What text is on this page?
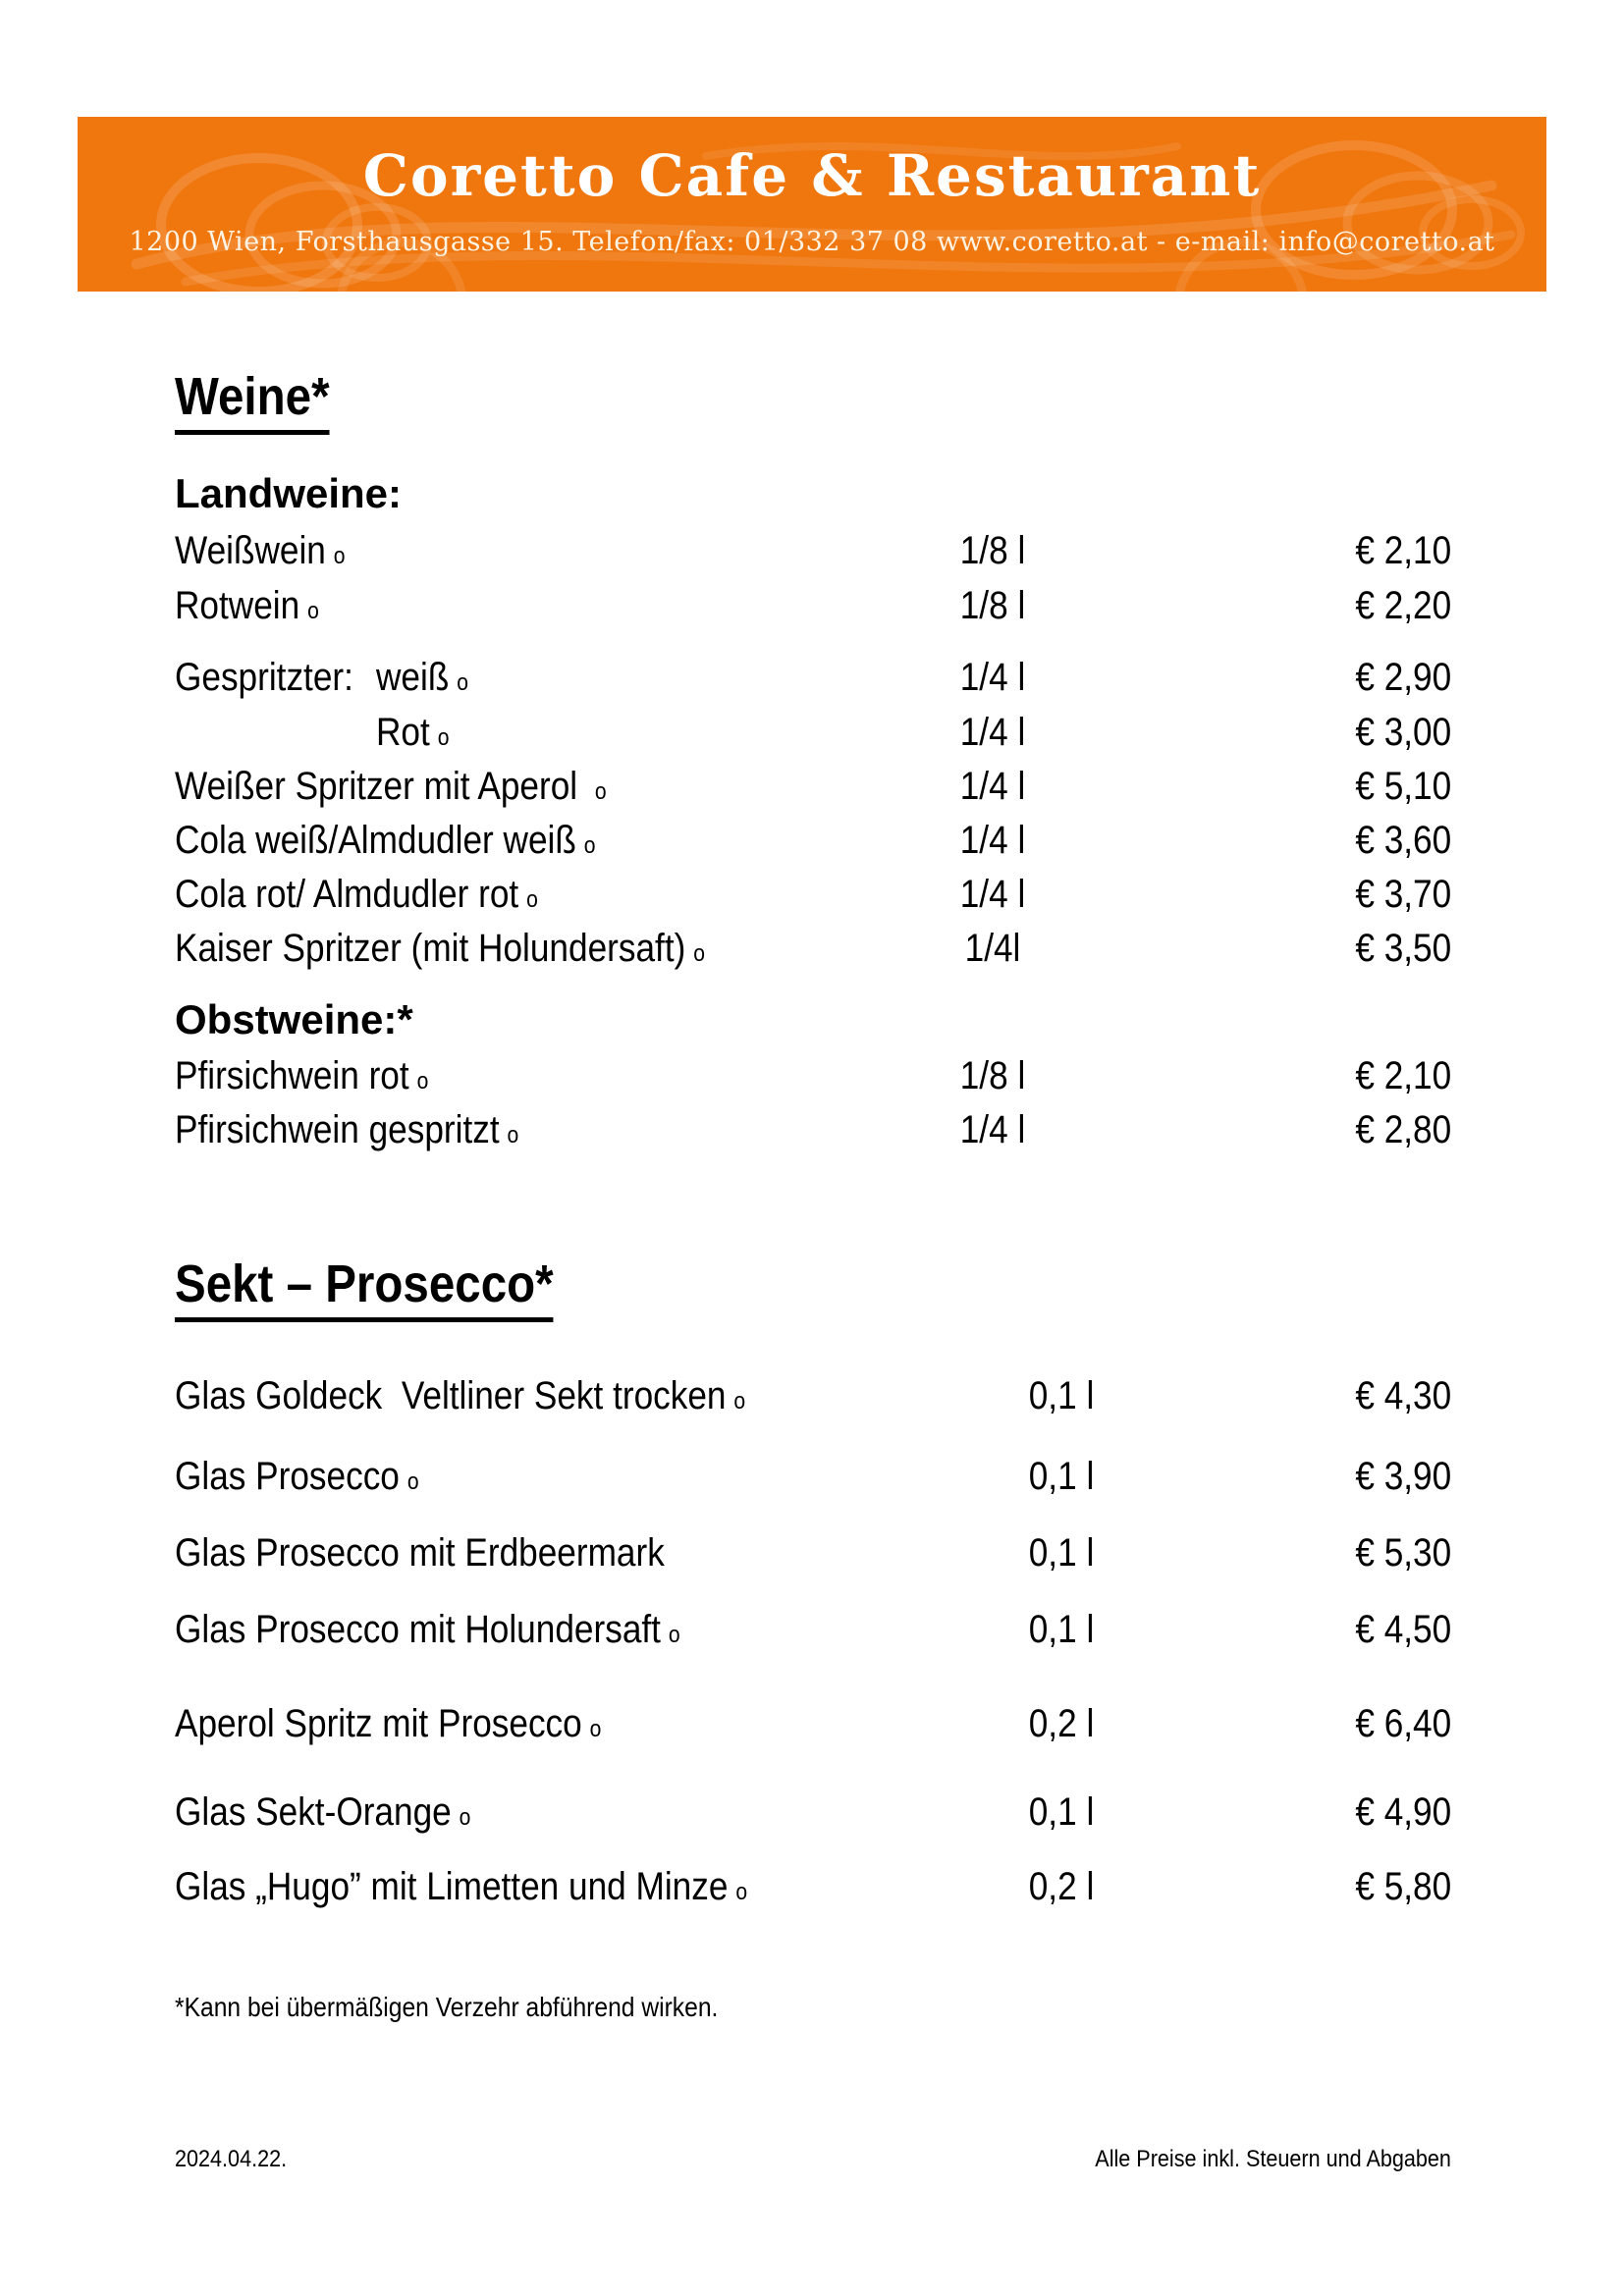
Coretto Cafe & Restaurant
1200 Wien, Forsthausgasse 15. Telefon/fax: 01/332 37 08 www.coretto.at - e-mail: info@coretto.at
Weine*
Landweine:
Weißwein o	1/8 l	€ 2,10
Rotwein o	1/8 l	€ 2,20
Gespritzter: weiß o	1/4 l	€ 2,90
Rot o	1/4 l	€ 3,00
Weißer Spritzer mit Aperol o	1/4 l	€ 5,10
Cola weiß/Almdudler weiß o	1/4 l	€ 3,60
Cola rot/ Almdudler rot o	1/4 l	€ 3,70
Kaiser Spritzer (mit Holundersaft) o	1/4l	€ 3,50
Obstweine:*
Pfirsichwein rot o	1/8 l	€ 2,10
Pfirsichwein gespritzt o	1/4 l	€ 2,80
Sekt – Prosecco*
Glas Goldeck  Veltliner Sekt trocken o	0,1 l	€ 4,30
Glas Prosecco o	0,1 l	€ 3,90
Glas Prosecco mit Erdbeermark	0,1 l	€ 5,30
Glas Prosecco mit Holundersaft o	0,1 l	€ 4,50
Aperol Spritz mit Prosecco o	0,2 l	€ 6,40
Glas Sekt-Orange o	0,1 l	€ 4,90
Glas „Hugo” mit Limetten und Minze o	0,2 l	€ 5,80
*Kann bei übermäßigen Verzehr abführend wirken.
2024.04.22.	Alle Preise inkl. Steuern und Abgaben
